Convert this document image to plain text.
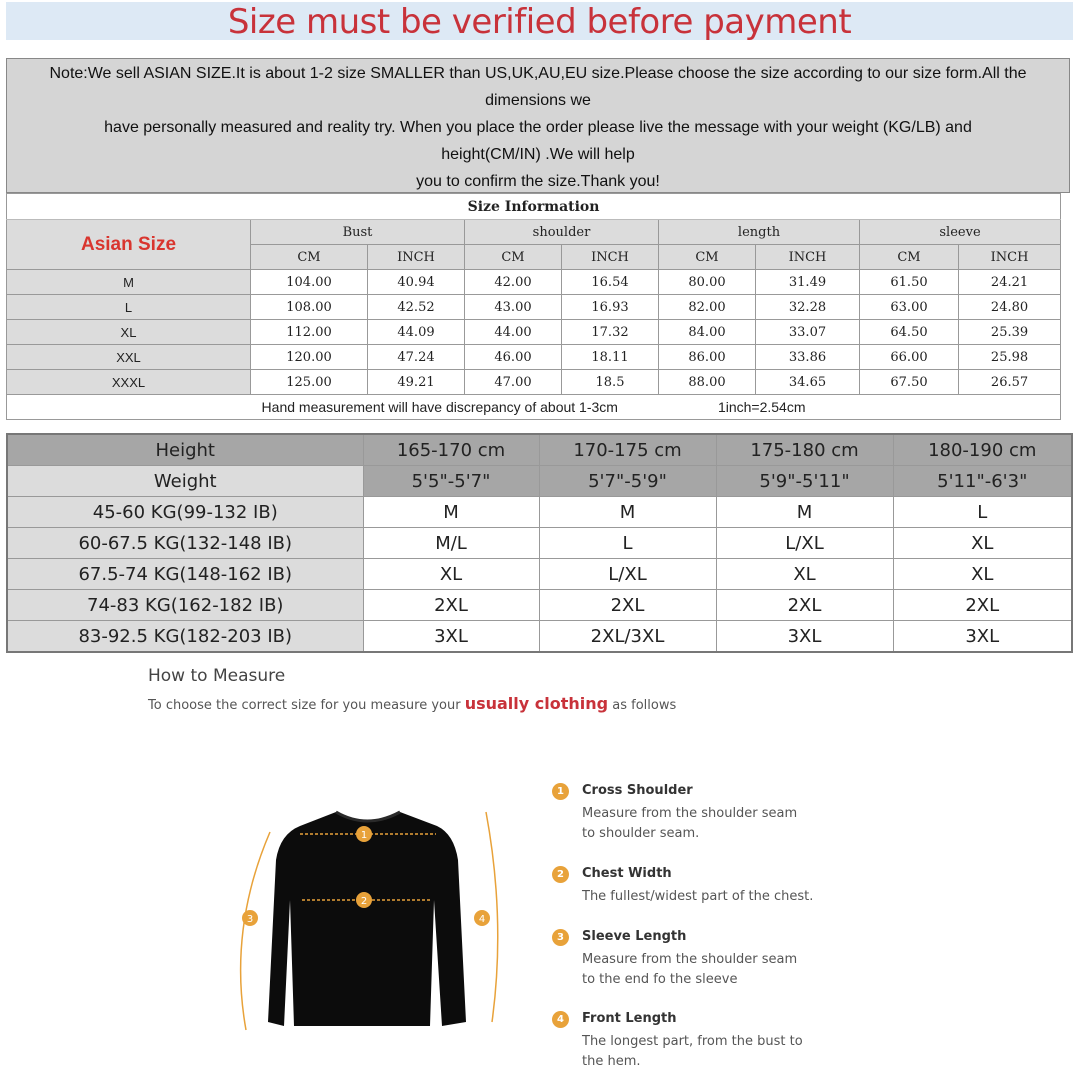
Size must be verified before payment
Note:We sell ASIAN SIZE.It is about 1-2 size SMALLER than US,UK,AU,EU size.Please choose the size according to our size form.All the
dimensions we
have personally measured and reality try. When you place the order please live the message with your weight (KG/LB) and
height(CM/IN) .We will help
you to confirm the size.Thank you!
Size Information								
Asian Size	Bust		shoulder		length		sleeve	
	CM	INCH	CM	INCH	CM	INCH	CM	INCH
M	104.00	40.94	42.00	16.54	80.00	31.49	61.50	24.21
L	108.00	42.52	43.00	16.93	82.00	32.28	63.00	24.80
XL	112.00	44.09	44.00	17.32	84.00	33.07	64.50	25.39
XXL	120.00	47.24	46.00	18.11	86.00	33.86	66.00	25.98
XXXL	125.00	49.21	47.00	18.5	88.00	34.65	67.50	26.57

Hand measurement will have discrepancy of about 1-3cm 1inch=2.54cm								
Height	165-170 cm	170-175 cm	175-180 cm	180-190 cm
Weight	5'5"-5'7"	5'7"-5'9"	5'9"-5'11"	5'11"-6'3"
45-60 KG(99-132 IB)	M	M	M	L
60-67.5 KG(132-148 IB)	M/L	L	L/XL	XL
67.5-74 KG(148-162 IB)	XL	L/XL	XL	XL
74-83 KG(162-182 IB)	2XL	2XL	2XL	2XL
83-92.5 KG(182-203 IB)	3XL	2XL/3XL	3XL	3XL
How to Measure
To choose the correct size for you measure your usually clothing as follows
1
2
3	4
1	Cross Shoulder
Measure from the shoulder seam
to shoulder seam.
2	Chest Width
The fullest/widest part of the chest.
3	Sleeve Length
Measure from the shoulder seam
to the end fo the sleeve
4	Front Length
The longest part, from the bust to
the hem.
